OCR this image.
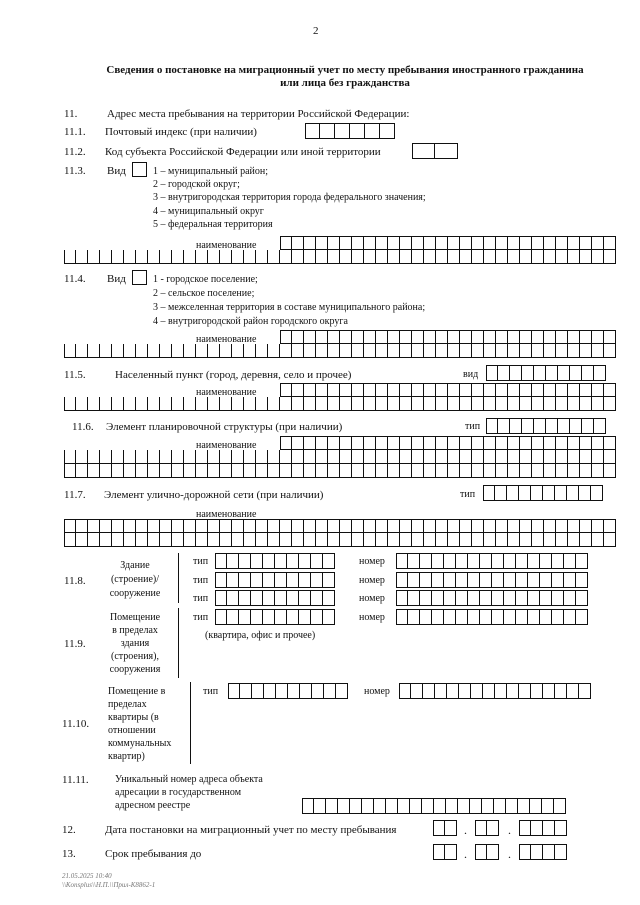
2
Сведения о постановке на миграционный учет по месту пребывания иностранного гражданина
или лица без гражданства
11.	Адрес места пребывания на территории Российской Федерации:
11.1. Почтовый индекс (при наличии)
11.2. Код субъекта Российской Федерации или иной территории
11.3. Вид	1 – муниципальный район;
2 – городской округ;
3 – внутригородская территория города федерального значения;
4 – муниципальный округ
5 – федеральная территория
наименование
11.4. Вид	1 - городское поселение;
2 – сельское поселение;
3 – межселенная территория в составе муниципального района;
4 – внутригородской район городского округа
наименование
11.5.	Населенный пункт (город, деревня, село и прочее)	вид
наименование
11.6. Элемент планировочной структуры (при наличии)	тип
наименование
11.7. Элемент улично-дорожной сети (при наличии)	тип
наименование
11.8.
Здание
(строение)/
сооружение
тип	номер
тип	номер
тип	номер
11.9.
Помещение
в пределах
здания
(строения),
сооружения
тип	номер
(квартира, офис и прочее)
11.10.
Помещение в
пределах
квартиры (в
отношении
коммунальных
квартир)
тип	номер
11.11.	Уникальный номер адреса объекта
адресации в государственном
адресном реестре
12.	Дата постановки на миграционный учет по месту пребывания	.	.
13.	Срок пребывания до	.	.
21.05.2025 10:40
\\Konsplus\\Н.П.\\Прил-К8862-1
